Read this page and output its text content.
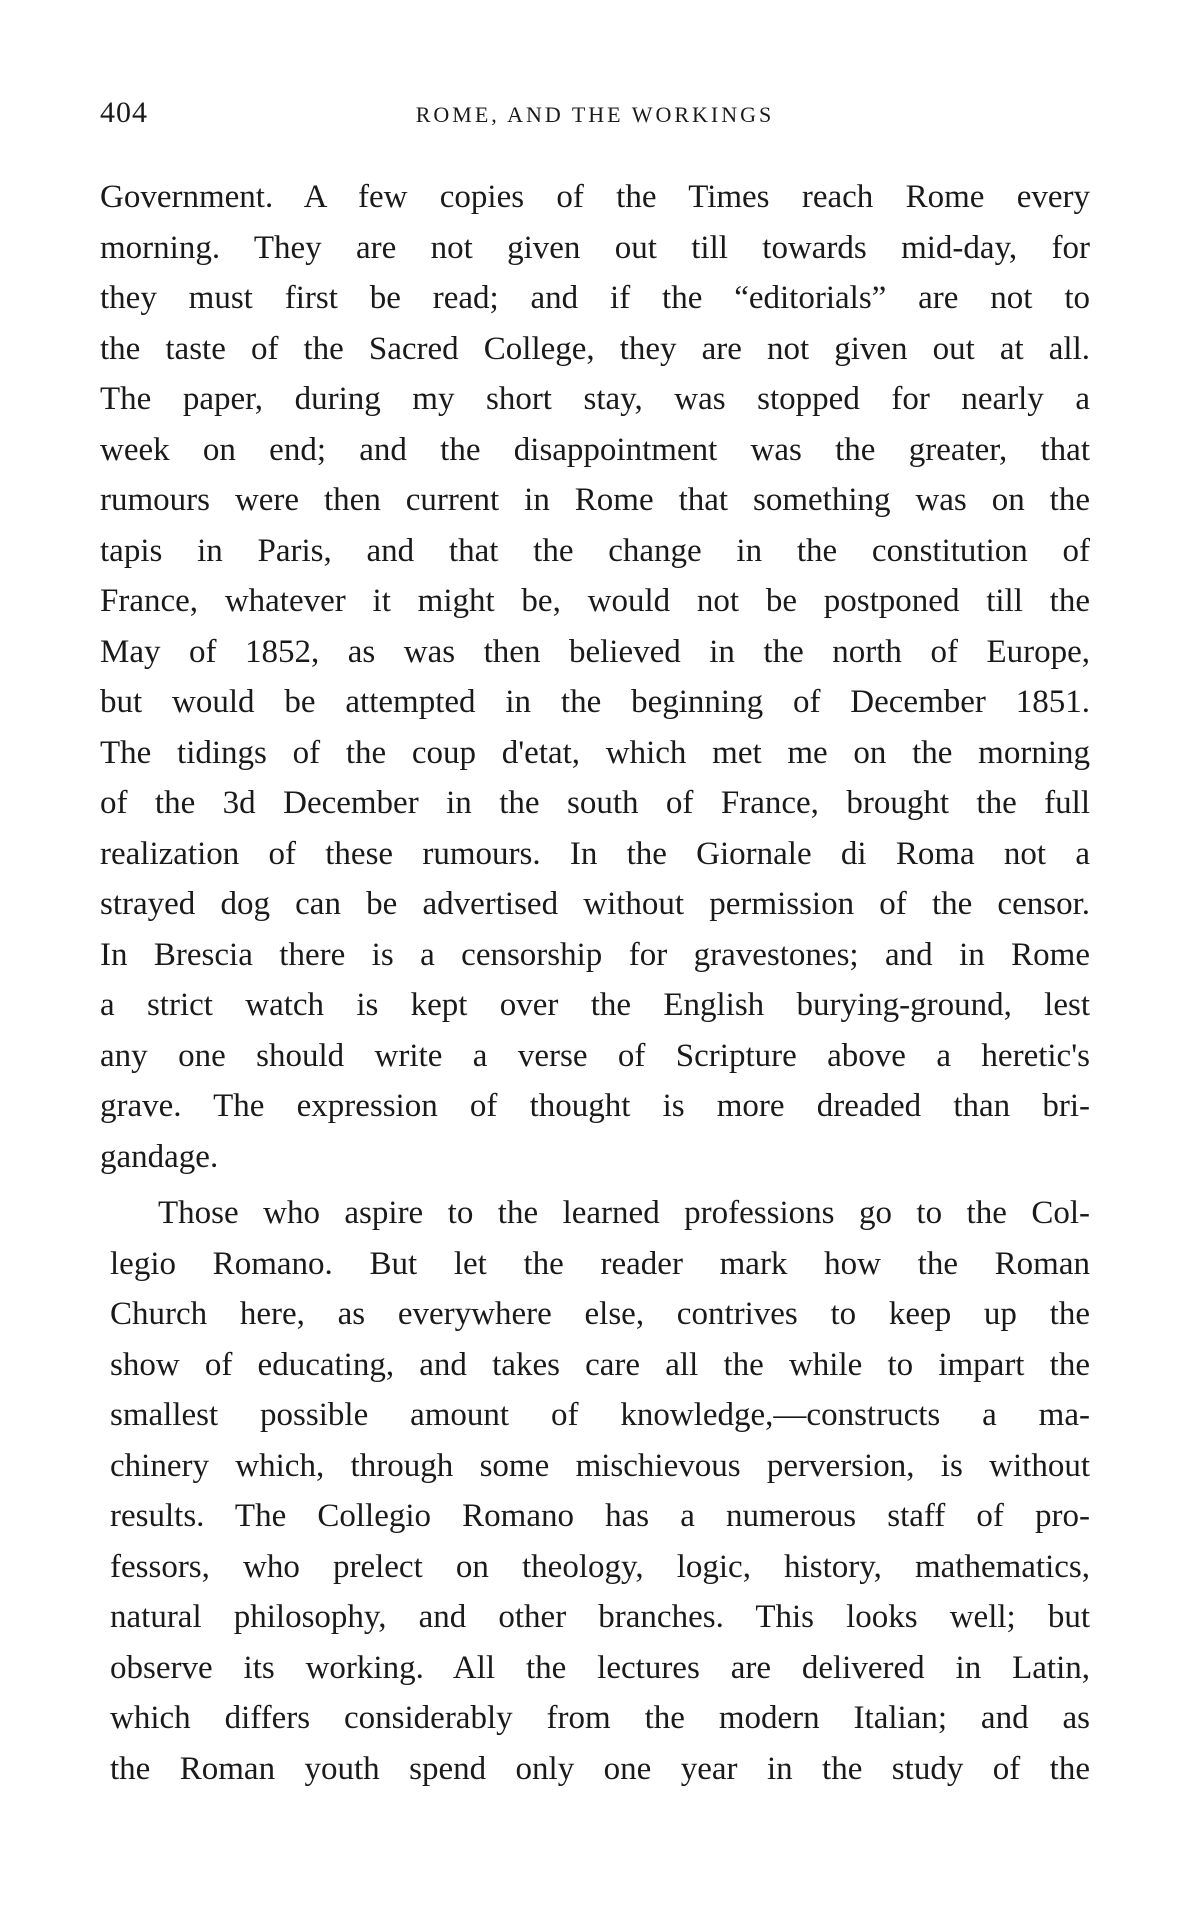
404	ROME, AND THE WORKINGS
Government. A few copies of the Times reach Rome every
morning. They are not given out till towards mid-day, for
they must first be read; and if the “editorials” are not to
the taste of the Sacred College, they are not given out at all.
The paper, during my short stay, was stopped for nearly a
week on end; and the disappointment was the greater, that
rumours were then current in Rome that something was on the
tapis in Paris, and that the change in the constitution of
France, whatever it might be, would not be postponed till the
May of 1852, as was then believed in the north of Europe,
but would be attempted in the beginning of December 1851.
The tidings of the coup d'etat, which met me on the morning
of the 3d December in the south of France, brought the full
realization of these rumours. In the Giornale di Roma not a
strayed dog can be advertised without permission of the censor.
In Brescia there is a censorship for gravestones; and in Rome
a strict watch is kept over the English burying-ground, lest
any one should write a verse of Scripture above a heretic's
grave. The expression of thought is more dreaded than bri-
gandage.
Those who aspire to the learned professions go to the Col-
legio Romano. But let the reader mark how the Roman
Church here, as everywhere else, contrives to keep up the
show of educating, and takes care all the while to impart the
smallest possible amount of knowledge,—constructs a ma-
chinery which, through some mischievous perversion, is without
results. The Collegio Romano has a numerous staff of pro-
fessors, who prelect on theology, logic, history, mathematics,
natural philosophy, and other branches. This looks well; but
observe its working. All the lectures are delivered in Latin,
which differs considerably from the modern Italian; and as
the Roman youth spend only one year in the study of the
